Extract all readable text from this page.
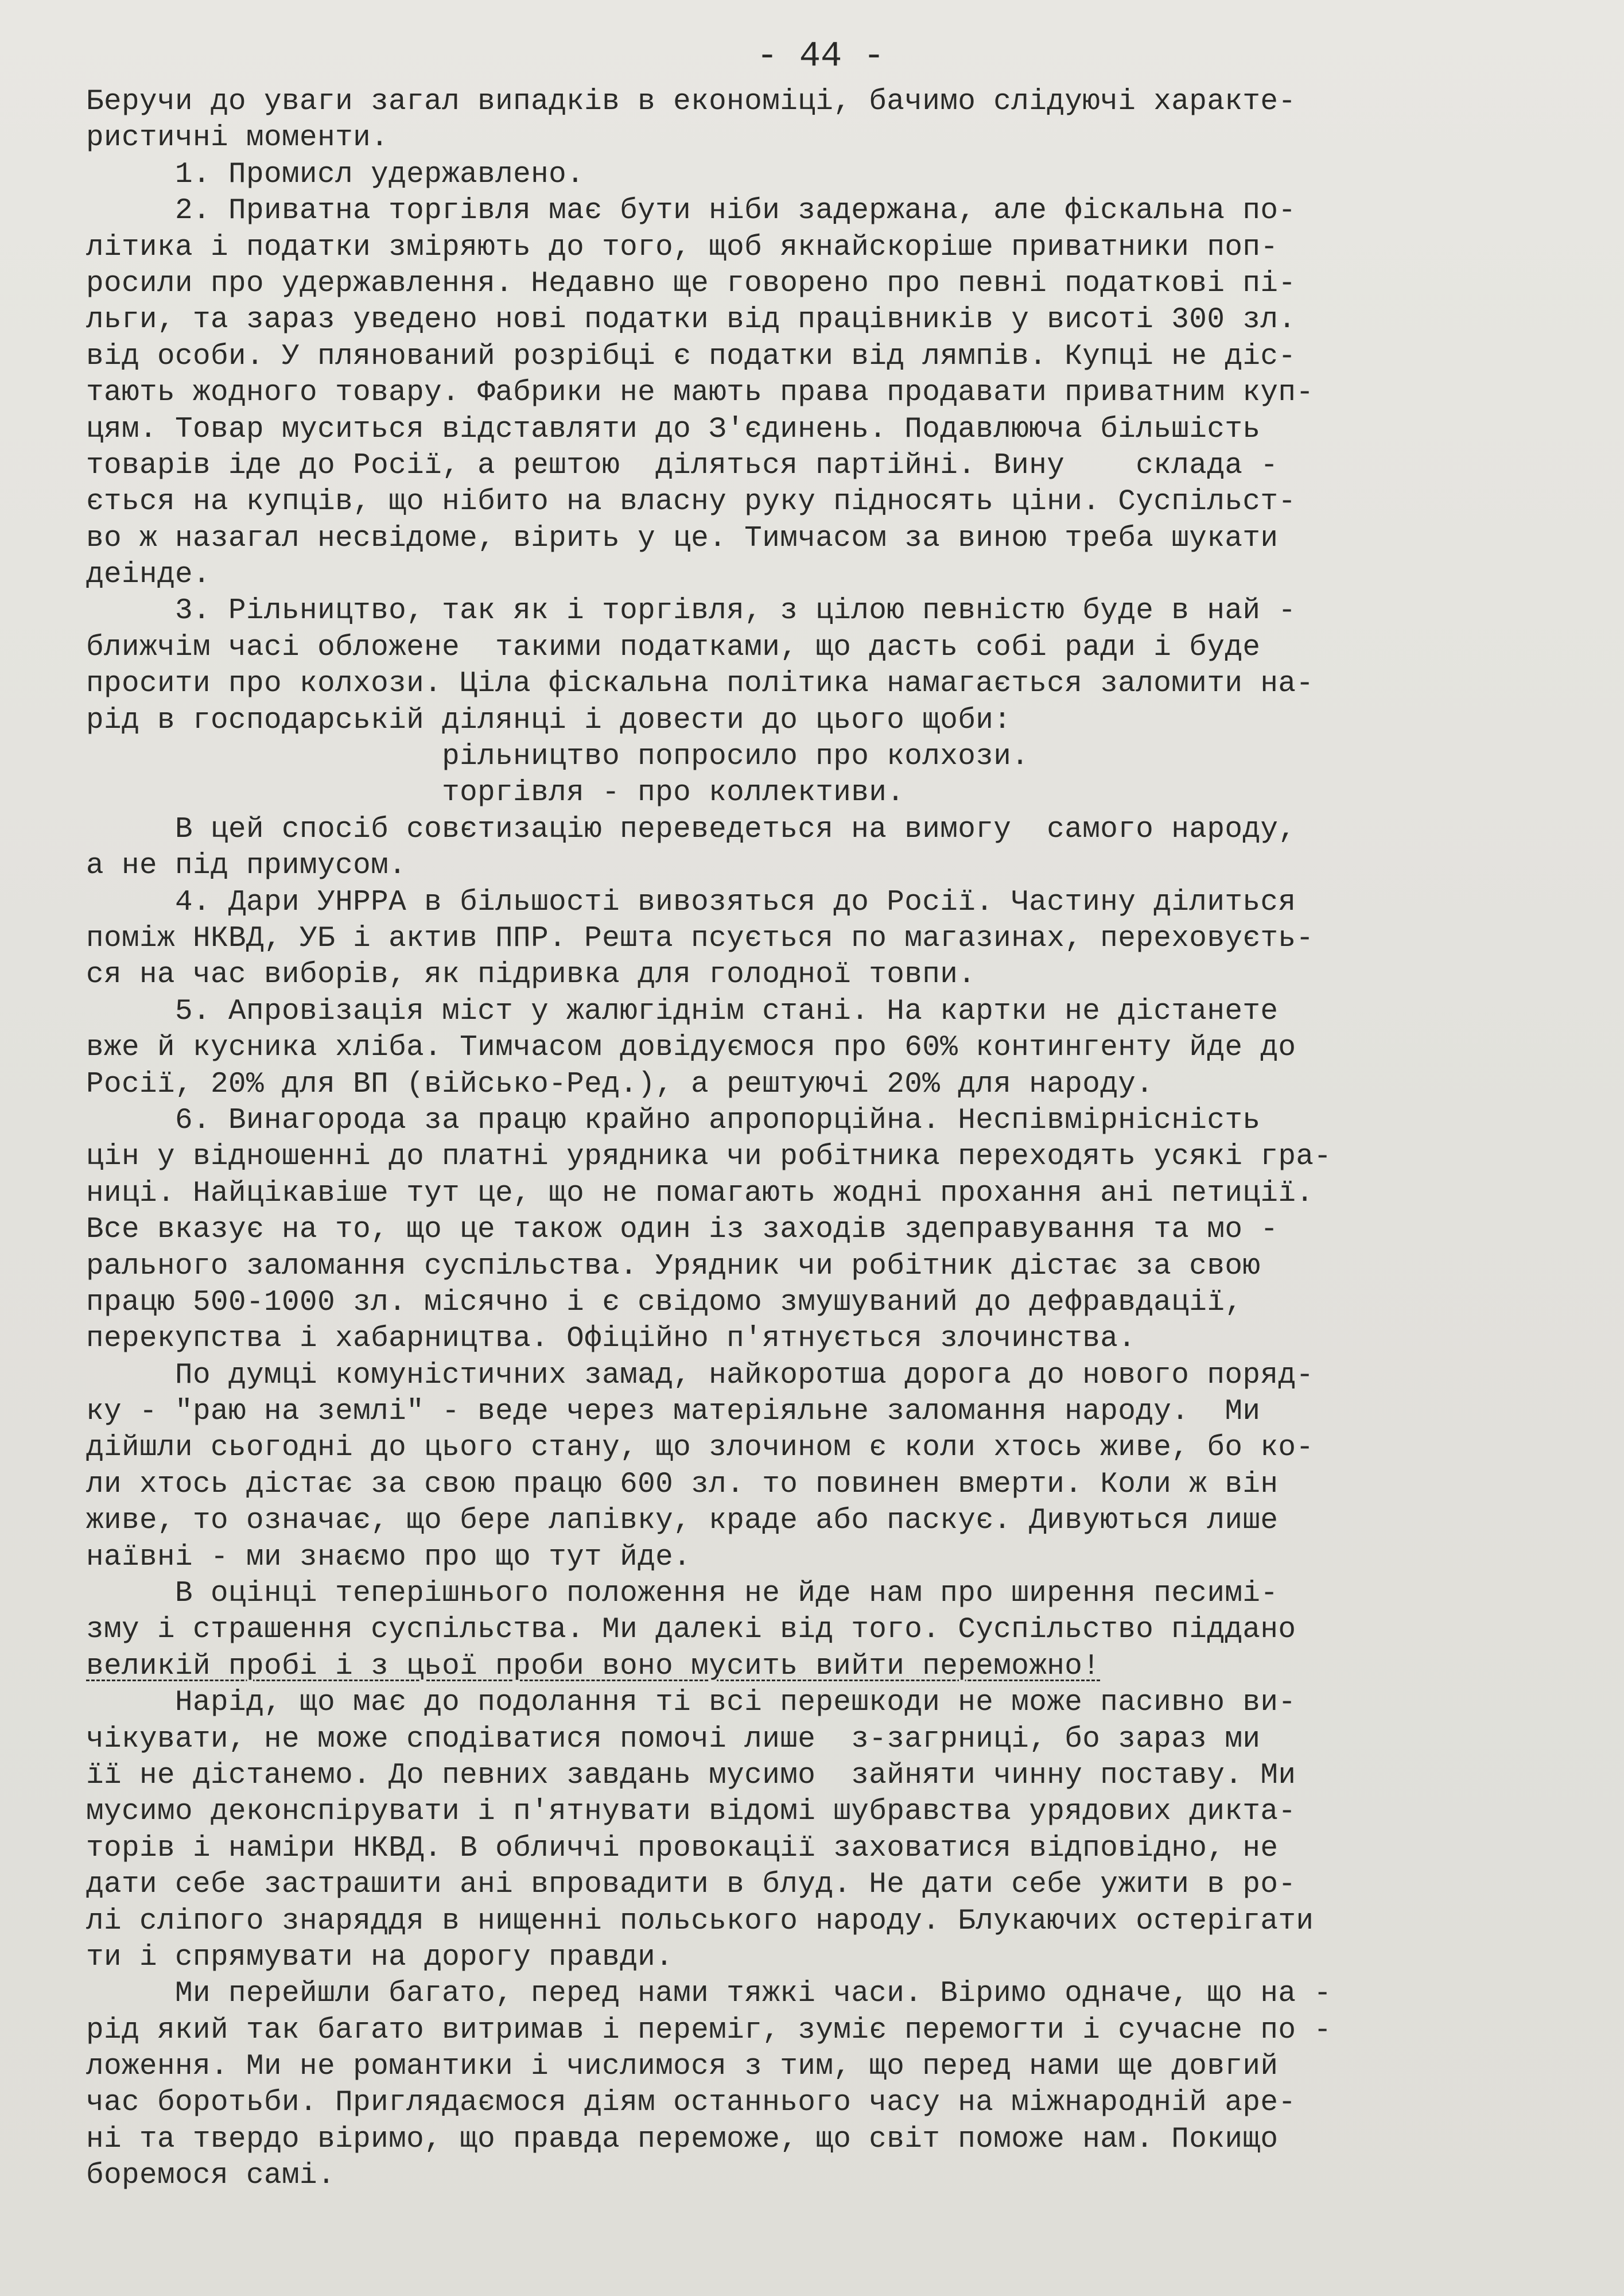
- 44 -
Беручи до уваги загал випадків в економіці, бачимо слідуючі характе-
ристичні моменти.
1. Промисл удержавлено.
2. Приватна торгівля має бути ніби задержана, але фіскальна по-
літика і податки зміряють до того, щоб якнайскоріше приватники поп-
росили про удержавлення. Недавно ще говорено про певні податкові пі-
льги, та зараз уведено нові податки від працівників у висоті 300 зл.
від особи. У плянований розрібці є податки від лямпів. Купці не діс-
тають жодного товару. Фабрики не мають права продавати приватним куп-
цям. Товар муситься відставляти до З'єдинень. Подавлююча більшість
товарів іде до Росії, а рештою  діляться партійні. Вину    склада -
ється на купців, що нібито на власну руку підносять ціни. Суспільст-
во ж назагал несвідоме, вірить у це. Тимчасом за виною треба шукати
деінде.
3. Рільництво, так як і торгівля, з цілою певністю буде в най -
ближчім часі обложене  такими податками, що дасть собі ради і буде
просити про колхози. Ціла фіскальна політика намагається заломити на-
рід в господарській ділянці і довести до цього щоби:
рільництво попросило про колхози.
торгівля - про коллективи.
В цей спосіб совєтизацію переведеться на вимогу  самого народу,
а не під примусом.
4. Дари УНРРА в більшості вивозяться до Росії. Частину ділиться
поміж НКВД, УБ і актив ППР. Решта псується по магазинах, переховуєть-
ся на час виборів, як підривка для голодної товпи.
5. Апровізація міст у жалюгіднім стані. На картки не дістанете
вже й кусника хліба. Тимчасом довідуємося про 60% контингенту йде до
Росії, 20% для ВП (військо-Ред.), а рештуючі 20% для народу.
6. Винагорода за працю крайно апропорційна. Неспівмірнісність
цін у відношенні до платні урядника чи робітника переходять усякі гра-
ниці. Найцікавіше тут це, що не помагають жодні прохання ані петиції.
Все вказує на то, що це також один із заходів здеправування та мо -
рального заломання суспільства. Урядник чи робітник дістає за свою
працю 500-1000 зл. місячно і є свідомо змушуваний до дефравдації,
перекупства і хабарництва. Офіційно п'ятнується злочинства.
По думці комуністичних замад, найкоротша дорога до нового поряд-
ку - "раю на землі" - веде через матеріяльне заломання народу.  Ми
дійшли сьогодні до цього стану, що злочином є коли хтось живе, бо ко-
ли хтось дістає за свою працю 600 зл. то повинен вмерти. Коли ж він
живе, то означає, що бере лапівку, краде або паскує. Дивуються лише
наївні - ми знаємо про що тут йде.
В оцінці теперішнього положення не йде нам про ширення песимі-
зму і страшення суспільства. Ми далекі від того. Суспільство піддано
великій пробі і з цьої проби воно мусить вийти переможно!
Нарід, що має до подолання ті всі перешкоди не може пасивно ви-
чікувати, не може сподіватися помочі лише  з-загрниці, бо зараз ми
її не дістанемо. До певних завдань мусимо  зайняти чинну поставу. Ми
мусимо деконспірувати і п'ятнувати відомі шубравства урядових дикта-
торів і наміри НКВД. В обличчі провокації заховатися відповідно, не
дати себе застрашити ані впровадити в блуд. Не дати себе ужити в ро-
лі сліпого знаряддя в нищенні польського народу. Блукаючих остерігати
ти і спрямувати на дорогу правди.
Ми перейшли багато, перед нами тяжкі часи. Віримо одначе, що на -
рід який так багато витримав і переміг, зуміє перемогти і сучасне по -
ложення. Ми не романтики і числимося з тим, що перед нами ще довгий
час боротьби. Приглядаємося діям останнього часу на міжнародній аре-
ні та твердо віримо, що правда переможе, що світ поможе нам. Покищо
боремося самі.
